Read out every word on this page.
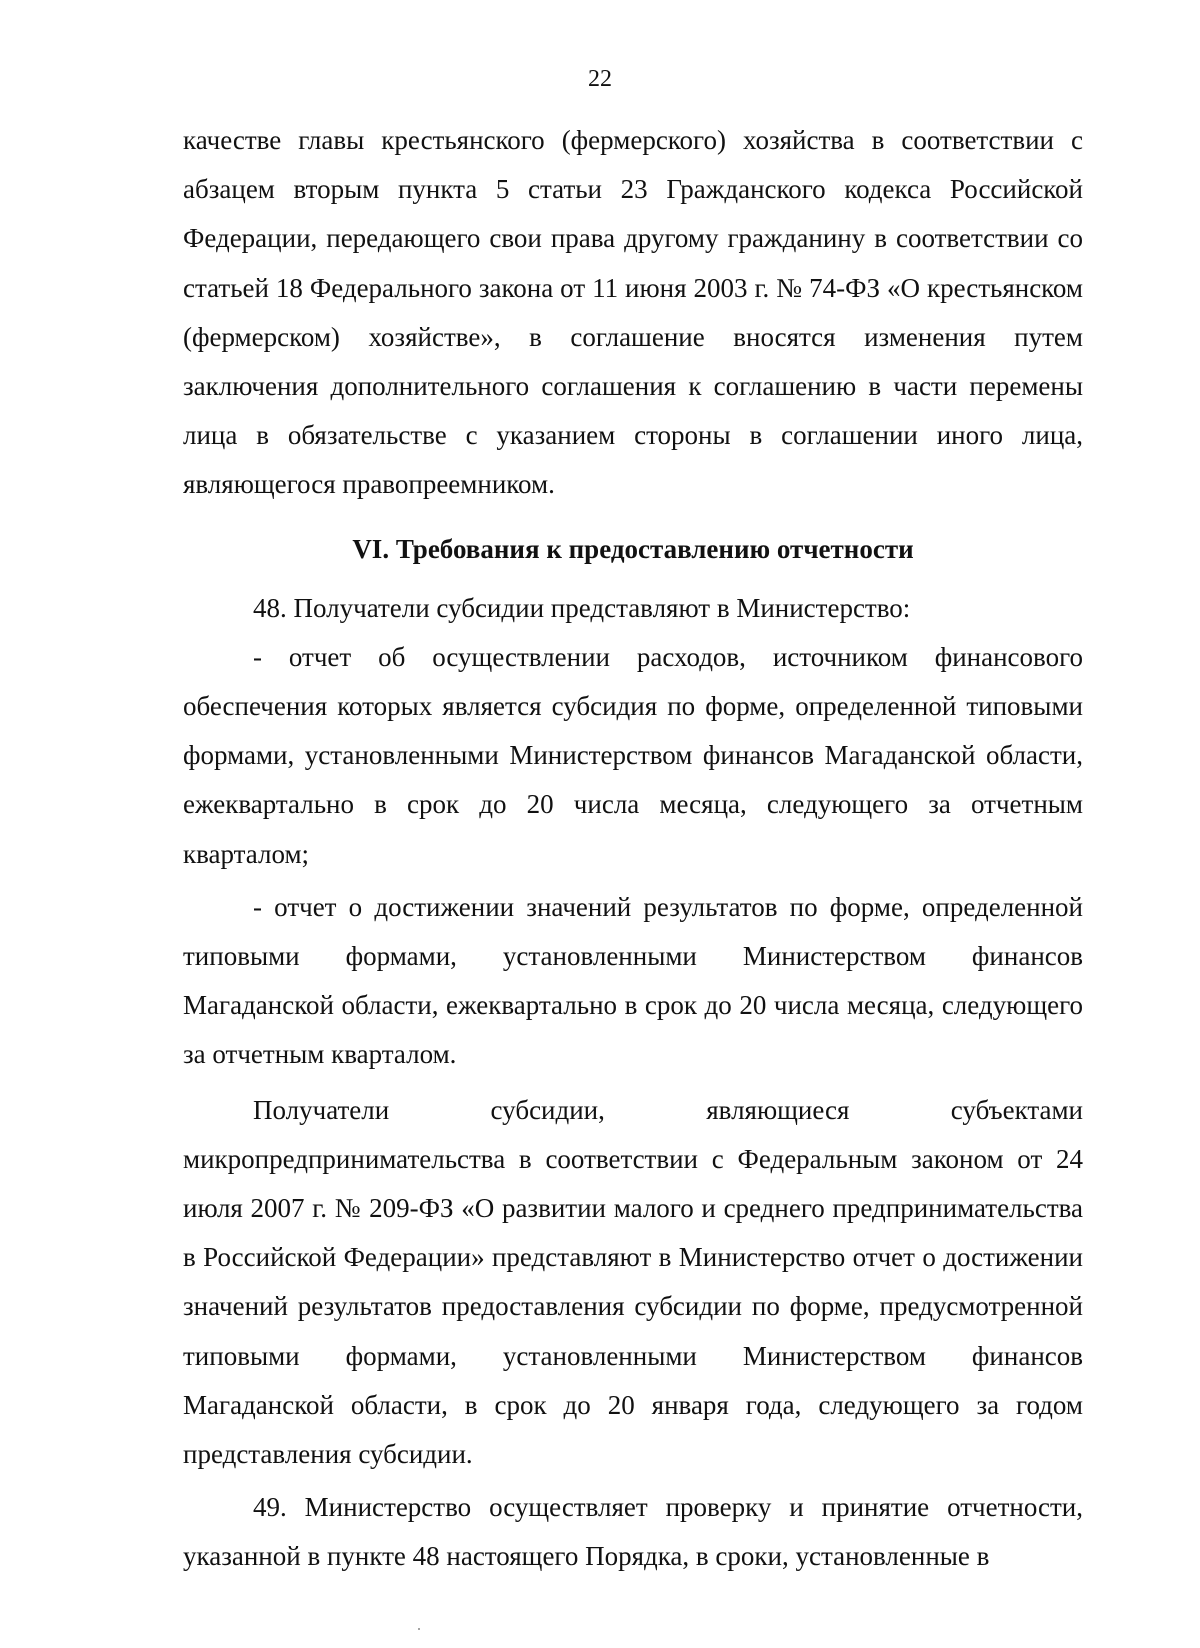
22

качестве главы крестьянского (фермерского) хозяйства в соответствии с абзацем вторым пункта 5 статьи 23 Гражданского кодекса Российской Федерации, передающего свои права другому гражданину в соответствии со статьей 18 Федерального закона от 11 июня 2003 г. № 74-ФЗ «О крестьянском (фермерском) хозяйстве», в соглашение вносятся изменения путем заключения дополнительного соглашения к соглашению в части перемены лица в обязательстве с указанием стороны в соглашении иного лица, являющегося правопреемником.

VI. Требования к предоставлению отчетности

48. Получатели субсидии представляют в Министерство:

- отчет об осуществлении расходов, источником финансового обеспечения которых является субсидия по форме, определенной типовыми формами, установленными Министерством финансов Магаданской области, ежеквартально в срок до 20 числа месяца, следующего за отчетным кварталом;

- отчет о достижении значений результатов по форме, определенной типовыми формами, установленными Министерством финансов Магаданской области, ежеквартально в срок до 20 числа месяца, следующего за отчетным кварталом.

Получатели субсидии, являющиеся субъектами микропредпринимательства в соответствии с Федеральным законом от 24 июля 2007 г. № 209-ФЗ «О развитии малого и среднего предпринимательства в Российской Федерации» представляют в Министерство отчет о достижении значений результатов предоставления субсидии по форме, предусмотренной типовыми формами, установленными Министерством финансов Магаданской области, в срок до 20 января года, следующего за годом представления субсидии.

49. Министерство осуществляет проверку и принятие отчетности, указанной в пункте 48 настоящего Порядка, в сроки, установленные в
